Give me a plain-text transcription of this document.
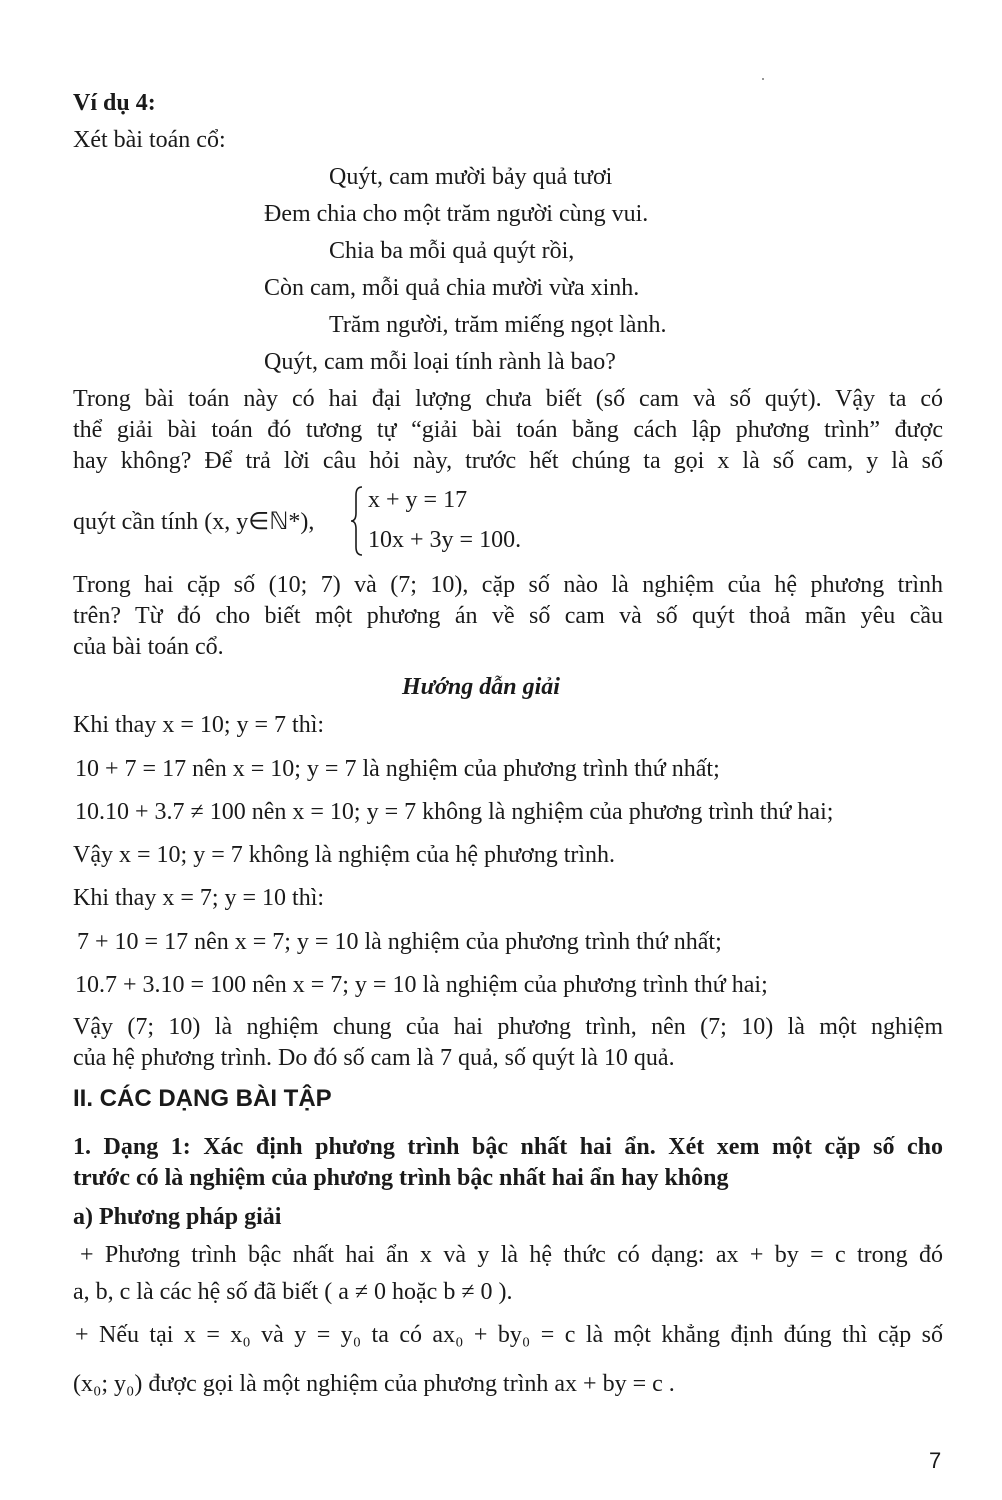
Ví dụ 4:
Xét bài toán cổ:
Quýt, cam mười bảy quả tươi
Đem chia cho một trăm người cùng vui.
Chia ba mỗi quả quýt rồi,
Còn cam, mỗi quả chia mười vừa xinh.
Trăm người, trăm miếng ngọt lành.
Quýt, cam mỗi loại tính rành là bao?
Trong bài toán này có hai đại lượng chưa biết (số cam và số quýt). Vậy ta có
thể giải bài toán đó tương tự “giải bài toán bằng cách lập phương trình” được
hay không? Để trả lời câu hỏi này, trước hết chúng ta gọi x là số cam, y là số
quýt cần tính (x, y∈ℕ*),
x + y = 17
10x + 3y = 100.
Trong hai cặp số (10; 7) và (7; 10), cặp số nào là nghiệm của hệ phương trình
trên? Từ đó cho biết một phương án về số cam và số quýt thoả mãn yêu cầu
của bài toán cổ.
Hướng dẫn giải
Khi thay x = 10; y = 7 thì:
10 + 7 = 17 nên x = 10; y = 7 là nghiệm của phương trình thứ nhất;
10.10 + 3.7 ≠ 100 nên x = 10; y = 7 không là nghiệm của phương trình thứ hai;
Vậy x = 10; y = 7 không là nghiệm của hệ phương trình.
Khi thay x = 7; y = 10 thì:
7 + 10 = 17 nên x = 7; y = 10 là nghiệm của phương trình thứ nhất;
10.7 + 3.10 = 100 nên x = 7; y = 10 là nghiệm của phương trình thứ hai;
Vậy (7; 10) là nghiệm chung của hai phương trình, nên (7; 10) là một nghiệm
của hệ phương trình. Do đó số cam là 7 quả, số quýt là 10 quả.
II. CÁC DẠNG BÀI TẬP
1. Dạng 1: Xác định phương trình bậc nhất hai ẩn. Xét xem một cặp số cho
trước có là nghiệm của phương trình bậc nhất hai ẩn hay không
a) Phương pháp giải
+ Phương trình bậc nhất hai ẩn x và y là hệ thức có dạng: ax + by = c trong đó
a, b, c là các hệ số đã biết ( a ≠ 0 hoặc b ≠ 0 ).
+ Nếu tại x = x₀ và y = y₀ ta có ax₀ + by₀ = c là một khẳng định đúng thì cặp số
(x₀; y₀) được gọi là một nghiệm của phương trình ax + by = c .
7
